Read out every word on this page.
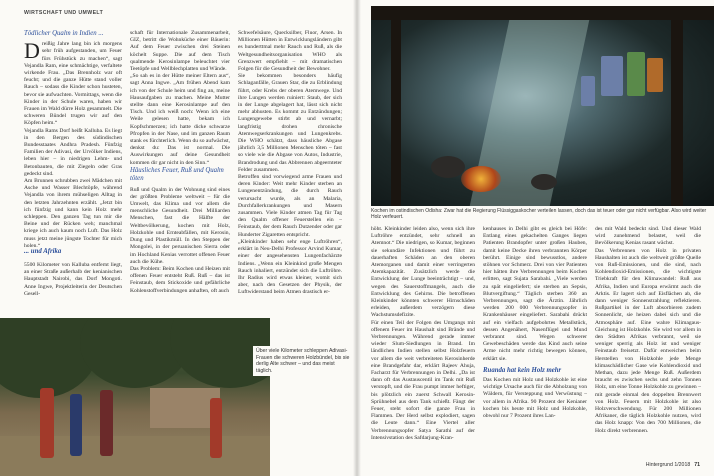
WIRTSCHAFT UND UMWELT
Tödlicher Qualm in Indien ...

Dreißig Jahre lang bin ich morgens sehr früh aufgestanden, um Feuer fürs Frühstück zu machen“, sagt Vejandla Ram, eine schmächtige, verfaltete wirkende Frau. „Das Brennholz war oft feucht; und die ganze Hütte stand voller Rauch – sodass die Kinder schon husteten, bevor sie aufwachten. Vormittags, wenn die Kinder in der Schule waren, haben wir Frauen im Wald dürre Holz gesammelt. Die schweren Bündel trugen wir auf den Köpfen heim.“

Vejandla Rams Dorf heißt Kalluba. Es liegt in den Bergen des südindischen Bundesstaates Andhra Pradesh. Fünfzig Familien der Adivasi, der Urvölker Indiens, leben hier – in niedrigen Lehm- und Betonbauten, die mit Ziegeln oder Gras gedeckt sind.

Am Brunnen schrubben zwei Mädchen mit Asche und Wasser Blechtöpfe, während Vejandla von ihrem mühseligen Alltag in den letzten Jahrzehnten erzählt. „Jetzt bin ich fünfzig und kann kein Holz mehr schleppen. Den ganzen Tag tun mir die Beine und der Rücken weh; manchmal kriege ich auch kaum noch Luft. Das Holz muss jetzt meine jüngste Tochter für mich holen.“

... und Afrika

5500 Kilometer von Kalluba entfernt liegt, an einer Straße außerhalb der kenianischen Hauptstadt Nairobi, das Dorf Mongoti. Anne Ingwe, Projektleiterin der Deutschen Gesell-

schaft für Internationale Zusammenarbeit, GIZ, betritt die Wohnküche einer Bäuerin: Auf dem Feuer zwischen drei Steinen köchelt Suppe. Die auf dem Tisch qualmende Kerosinlampe beleuchtet vier Teetöpfe und Wellblechplatten und Wände.

„So sah es in der Hütte meiner Eltern aus“, sagt Anna Ingwe. „Am frühen Abend kam ich von der Schule heim und fing an, meine Hausaufgaben zu machen. Meine Mutter stellte dann eine Kerosinlampe auf den Tisch. Und ich weiß noch: Wenn ich eine Weile gelesen hatte, bekam ich Kopfschmerzen; ich hatte dicke schwarze Pfropfen in der Nase, und im ganzen Raum stank es fürchterlich. Wenn du so aufwächst, denkst du: Das ist normal. Die Auswirkungen auf deine Gesundheit kommen dir gar nicht in den Sinn.“

Häusliches Feuer, Ruß und Qualm töten

Ruß und Qualm in der Wohnung sind eines der größten Probleme weltweit – für die Umwelt, das Klima und vor allem die menschliche Gesundheit. Drei Milliarden Menschen, fast die Hälfte der Weltbevölkerung, kochen mit Holz, Holzkohle und Ernteabfällen, mit Kerosin, Dung und Plastikmüll. In den Steppen der Mongolei, in der peruanischen Sierra oder im Hochland Kenias verrottet offenen Feuer auch die Kühe.

Das Problem: Beim Kochen und Heizen mit offenen Feuer entsteht Ruß. Ruß – das ist Feinstaub, dem Stickoxide und gefährliche Kohlenstoffverbindungen anhaften, oft auch

Schwefelsäure, Quecksilber, Fluor, Arsen. In Millionen Hütten in Entwicklungsländern gibt es hunderttmal mehr Rauch und Ruß, als die Weltgesundheitsorganisation WHO als Grenzwert empfiehlt – mit dramatischen Folgen für die Gesundheit der Bewohner.

Sie bekommen besonders häufig Schlaganfälle, Grauen Star, die zu Erblindung führt, oder Krebs der oberen Atemwege. Und ihre Lungen werden ruiniert: Staub, der sich in der Lunge abgelagert hat, lässt sich nicht mehr abhusten. Es kommt zu Entzündungen; Lungengewebe stirbt ab und vernarbt; langfristig drohen chronische Atemwegserkrankungen und Lungenkrebs. Die WHO schätzt, dass häusliche Abgase jährlich 3,5 Millionen Menschen töten – fast so viele wie die Abgase von Autos, Industrie, Brandrodung und das Abbrennen abgeernteter Felder zusammen.

Betroffen sind vorwiegend arme Frauen und deren Kinder: Weit mehr Kinder sterben an Lungenentzündung, die durch Rauch verursacht wurde, als an Malaria, Durchfallerkrankungen und Masern zusammen. Viele Kinder atmen Tag für Tag den Qualm offener Feuerstellen ein – Feinstaub, der dem Rauch Dutzender oder gar Hunderter Zigaretten entspricht.

„Kleinkinder haben sehr enge Luftröhren“, erklärt in Neu-Delhi Professor Arvind Kumar, einer der angesehensten Lungenfachärzte Indiens. „Wenn ein Kleinkind große Mengen Rauch inhaliert, entzündet sich die Luftröhre. Ihr Radius wird etwas kleiner, womit sich aber, nach den Gesetzen der Physik, der Luftwiderstand beim Atmen drastisch er-

Über viele Kilometer schleppen Adivasi-Frauen die schweren Holzbündel, bis sie derlig Alte schwer – und das meist täglich.
Kochen im ostindischen Odisha: Zwar hat die Regierung Flüssiggaskocher verteilen lassen, doch das ist teuer oder gar nicht verfügbar. Also wird weiter Holz verfeuert.

höht. Kleinkinder leiden also, wenn sich ihre Luftröhre entzündet, sehr schnell an Atemnot.“ Die niedrigen, so Kumar, beginnen sie sekundäre Infektionen und führt zu dauerhaften Schäden an den oberen Atemorganen und damit einer verringerten Atemkapazität. Zusätzlich werde die Entwicklung der Lunge beeinträchtigt – und, wegen des Sauerstoffmangels, auch die Entwicklung des Gehirns. Die betroffenen Kleinkinder könnten schwerer Hirnschäden erleiden, außerdem verzögern diese Wachstumsdefizite.

Für einen Teil der Folgen des Umgangs mit offenem Feuer im Haushalt sind Brände und Verbrennungen. Während gerade immer wieder Slum-Siedlungen in Brand. Im ländlichen Indien stellen selbst Holzfeuern vor allem die weit verbreiteten Kerosinherde eine Brandgefahr dar, erklärt Rajeev Ahuja, Facharzt für Verbrennungen in Delhi. „Da ist dann oft das Austauscentil im Tank mit Ruß verstopft, und die Frau pumpt immer heftiger, bis plötzlich ein zuerst Schwall Kerosin-Sprühnebel aus dem Tank schießt. Fängt der Feuer, steht sofort die ganze Frau in Flammen. Der Herd selbst explodiert, sagen die Leute dann.“ Eine Viertel aller Verbrennungsopfer Satya Sarathi auf der Intensivstation des Safdarjung-Kran-

kenhauses in Delhi gibt es gleich bei Höfe: Entlang eines gekachelten Ganges liegen Patienten Brandopfer unter großen Hauben, damit keine Decke ihren verbrannten Körper berührt. Einige sind bewusstlos, andere stöhnen vor Schmerz. Drei von vier Patienten hier hätten ihre Verbrennungen beim Kochen erlitten, sagt Sujata Sarabahi. „Viele werden zu spät eingeliefert; sie sterben an Sepsis, Blutvergiftung.“ Täglich sterben 360 an Verbrennungen, sagt die Ärztin. Jährlich werden 200 000 Verbrennungsopfer in Krankenhäuser eingeliefert. Sarabahi drückt auf ein vielfach aufgebohrtes Metallstück, dessen Angenähert, Nasenflügel und Mund verbrannt sind. Wegen schwerer Gewebeschäden werde das Kind auch seine Arme nicht mehr richtig bewegen können, erklärt sie.

Ruanda hat kein Holz mehr

Das Kochen mit Holz und Holzkohle ist eine wichtige Ursache auch für die Abholzung von Wäldern, für Versteppung und Verwüstung – vor allem in Afrika. 90 Prozent der Kenianer kochen bis heute mit Holz und Holzkohle, obwohl nur 7 Prozent ihres Lan-

des mit Wald bedeckt sind. Und dieser Wald wird zunehmend belastet, weil die Bevölkerung Kenias rasant wächst.

Das Verbrennen von Holz in privaten Haushalten ist auch die weltweit größte Quelle von Ruß-Emissionen, und die sind, nach Kohlendioxid-Emissionen, die wichtigste Triebkraft für den Klimawandel: Ruß aus Afrika, Indien und Europa erwärmt auch die Arktis. Er lagert sich auf Eisflächen ab, die dann weniger Sonnenstrahlung reflektieren. Rußpartikel in der Luft absorbieren zudem Sonnenlicht, sie heizen dabei sich und die Atmosphäre auf. Eine wahre Klimagaus-Gleichung ist Holzkohle. Sie wird vor allem in den Städten Afrikas verbrannt, weil sie weniger sperrig als Holz ist und weniger Feinstaub freisetzt. Dafür entweichen beim Herstellen von Holzkohle jede Menge klimaschädlicher Gase wie Kohlendioxid und Methan, dazu jede Menge Ruß. Außerdem braucht es zwischen sechs und zehn Tonnen Holz, um eine Tonne Holzkohle zu gewinnen – mit gerade einmal den doppelten Brennwert von Holz. Feuern mit Holzkohle ist also Holzverschwendung. Für 200 Millionen Afrikaner, die täglich Holzkohle nutzen, wird das Holz knapp: Von den 700 Millionen, die Holz direkt verbrennen.

Hintergrund 1/2018 71
